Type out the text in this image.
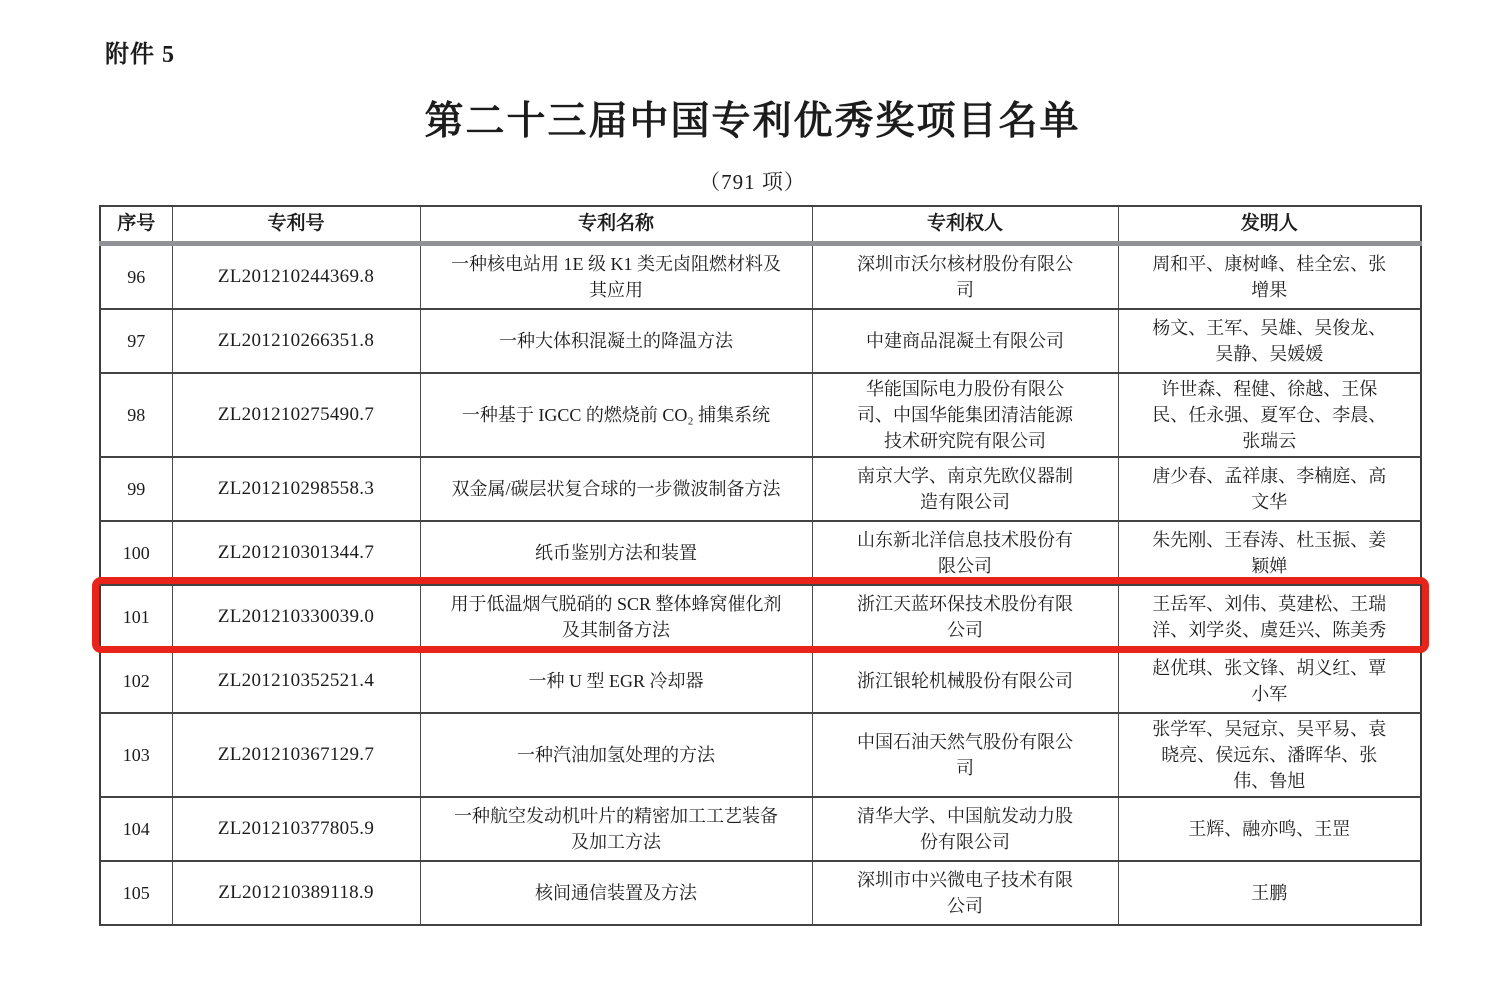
附件 5
第二十三届中国专利优秀奖项目名单
（791 项）
序号	专利号	专利名称	专利权人	发明人
96	ZL201210244369.8	一种核电站用 1E 级 K1 类无卤阻燃材料及其应用	深圳市沃尔核材股份有限公司	周和平、康树峰、桂全宏、张增果
97	ZL201210266351.8	一种大体积混凝土的降温方法	中建商品混凝土有限公司	杨文、王军、吴雄、吴俊龙、吴静、吴媛媛
98	ZL201210275490.7	一种基于 IGCC 的燃烧前 CO₂ 捕集系统	华能国际电力股份有限公司、中国华能集团清洁能源技术研究院有限公司	许世森、程健、徐越、王保民、任永强、夏军仓、李晨、张瑞云
99	ZL201210298558.3	双金属/碳层状复合球的一步微波制备方法	南京大学、南京先欧仪器制造有限公司	唐少春、孟祥康、李楠庭、高文华
100	ZL201210301344.7	纸币鉴别方法和装置	山东新北洋信息技术股份有限公司	朱先刚、王春涛、杜玉振、姜颖婵
101	ZL201210330039.0	用于低温烟气脱硝的 SCR 整体蜂窝催化剂及其制备方法	浙江天蓝环保技术股份有限公司	王岳军、刘伟、莫建松、王瑞洋、刘学炎、虞廷兴、陈美秀
102	ZL201210352521.4	一种 U 型 EGR 冷却器	浙江银轮机械股份有限公司	赵优琪、张文锋、胡义红、覃小军
103	ZL201210367129.7	一种汽油加氢处理的方法	中国石油天然气股份有限公司	张学军、吴冠京、吴平易、袁晓亮、侯远东、潘晖华、张伟、鲁旭
104	ZL201210377805.9	一种航空发动机叶片的精密加工工艺装备及加工方法	清华大学、中国航发动力股份有限公司	王辉、融亦鸣、王罡
105	ZL201210389118.9	核间通信装置及方法	深圳市中兴微电子技术有限公司	王鹏
